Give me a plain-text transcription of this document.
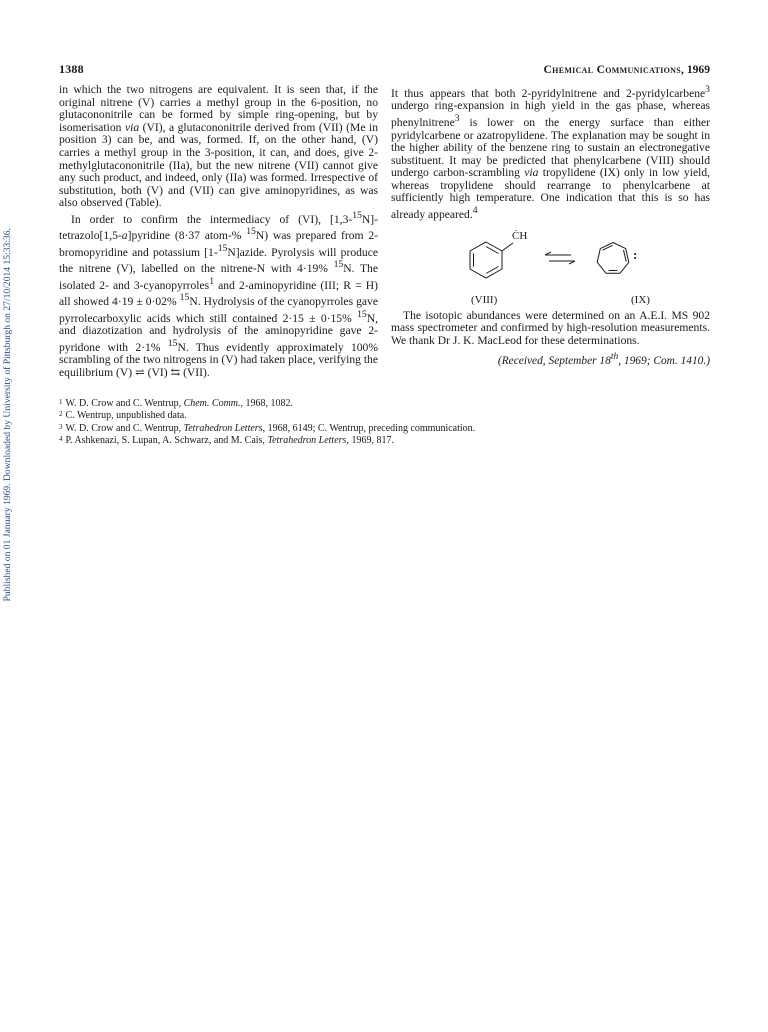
Published on 01 January 1969. Downloaded by University of Pittsburgh on 27/10/2014 15:33:36.
1388	Chemical Communications, 1969

in which the two nitrogens are equivalent. It is seen that, if the original nitrene (V) carries a methyl group in the 6-position, no glutacononitrile can be formed by simple ring-opening, but by isomerisation via (VI), a glutacononitrile derived from (VII) (Me in position 3) can be, and was, formed. If, on the other hand, (V) carries a methyl group in the 3-position, it can, and does, give 2-methylglutacononitrile (IIa), but the new nitrene (VII) cannot give any such product, and indeed, only (IIa) was formed. Irrespective of substitution, both (V) and (VII) can give aminopyridines, as was also observed (Table).

In order to confirm the intermediacy of (VI), [1,3-$^{15}$N]-tetrazolo[1,5-a]pyridine (8·37 atom-% $^{15}$N) was prepared from 2-bromopyridine and potassium [1-$^{15}$N]azide. Pyrolysis will produce the nitrene (V), labelled on the nitrene-N with 4·19% $^{15}$N. The isolated 2- and 3-cyanopyrroles$^1$ and 2-aminopyridine (III; R = H) all showed 4·19 ± 0·02% $^{15}$N. Hydrolysis of the cyanopyrroles gave pyrrolecarboxylic acids which still contained 2·15 ± 0·15% $^{15}$N, and diazotization and hydrolysis of the aminopyridine gave 2-pyridone with 2·1% $^{15}$N. Thus evidently approximately 100% scrambling of the two nitrogens in (V) had taken place, verifying the equilibrium (V) ⇌ (VI) ⇆ (VII).

It thus appears that both 2-pyridylnitrene and 2-pyridylcarbene$^3$ undergo ring-expansion in high yield in the gas phase, whereas phenylnitrene$^3$ is lower on the energy surface than either pyridylcarbene or azatropylidene. The explanation may be sought in the higher ability of the benzene ring to sustain an electronegative substituent. It may be predicted that phenylcarbene (VIII) should undergo carbon-scrambling via tropylidene (IX) only in low yield, whereas tropylidene should rearrange to phenylcarbene at sufficiently high temperature. One indication that this is so has already appeared.$^4$

ĊH
:
(VIII)	(IX)

The isotopic abundances were determined on an A.E.I. MS 902 mass spectrometer and confirmed by high-resolution measurements. We thank Dr J. K. MacLeod for these determinations.

(Received, September 18th, 1969; Com. 1410.)
$^1$ W. D. Crow and C. Wentrup, Chem. Comm., 1968, 1082.
$^2$ C. Wentrup, unpublished data.
$^3$ W. D. Crow and C. Wentrup, Tetrahedron Letters, 1968, 6149; C. Wentrup, preceding communication.
$^4$ P. Ashkenazi, S. Lupan, A. Schwarz, and M. Cais, Tetrahedron Letters, 1969, 817.
